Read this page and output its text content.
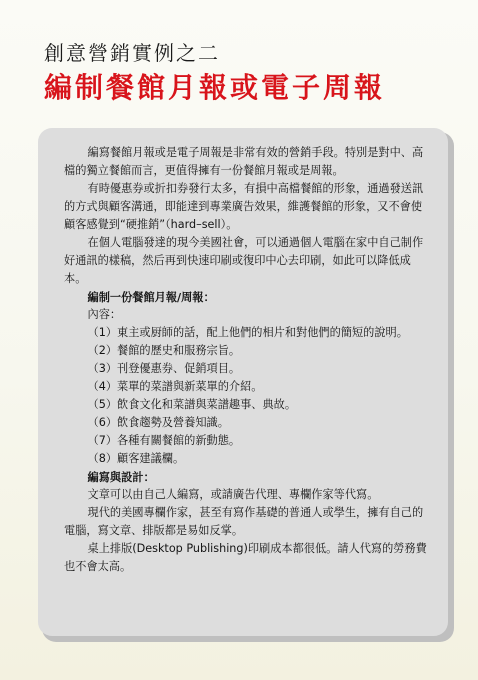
創意營銷實例之二
編制餐館月報或電子周報

編寫餐館月報或是電子周報是非常有效的營銷手段。特別是對中、高檔的獨立餐館而言，更值得擁有一份餐館月報或是周報。

有時優惠券或折扣券發行太多，有損中高檔餐館的形象，通過發送訊的方式與顧客溝通，即能達到專業廣告效果，維護餐館的形象，又不會使顧客感覺到“硬推銷”（hard–sell）。

在個人電腦發達的現今美國社會，可以通過個人電腦在家中自己制作好通訊的樣稿，然后再到快速印刷或復印中心去印刷，如此可以降低成本。

編制一份餐館月報/周報：

內容：

（1）東主或厨師的話，配上他們的相片和對他們的簡短的說明。

（2）餐館的歷史和服務宗旨。

（3）刊登優惠券、促銷項目。

（4）菜單的菜譜與新菜單的介紹。

（5）飲食文化和菜譜與菜譜趣事、典故。

（6）飲食趨勢及營養知識。

（7）各種有關餐館的新動態。

（8）顧客建議欄。

編寫與設計：

文章可以由自己人編寫，或請廣告代理、專欄作家等代寫。

現代的美國專欄作家，甚至有寫作基礎的普通人或學生，擁有自己的電腦，寫文章、排版都是易如反掌。

桌上排版(Desktop Publishing)印刷成本都很低。請人代寫的勞務費也不會太高。
